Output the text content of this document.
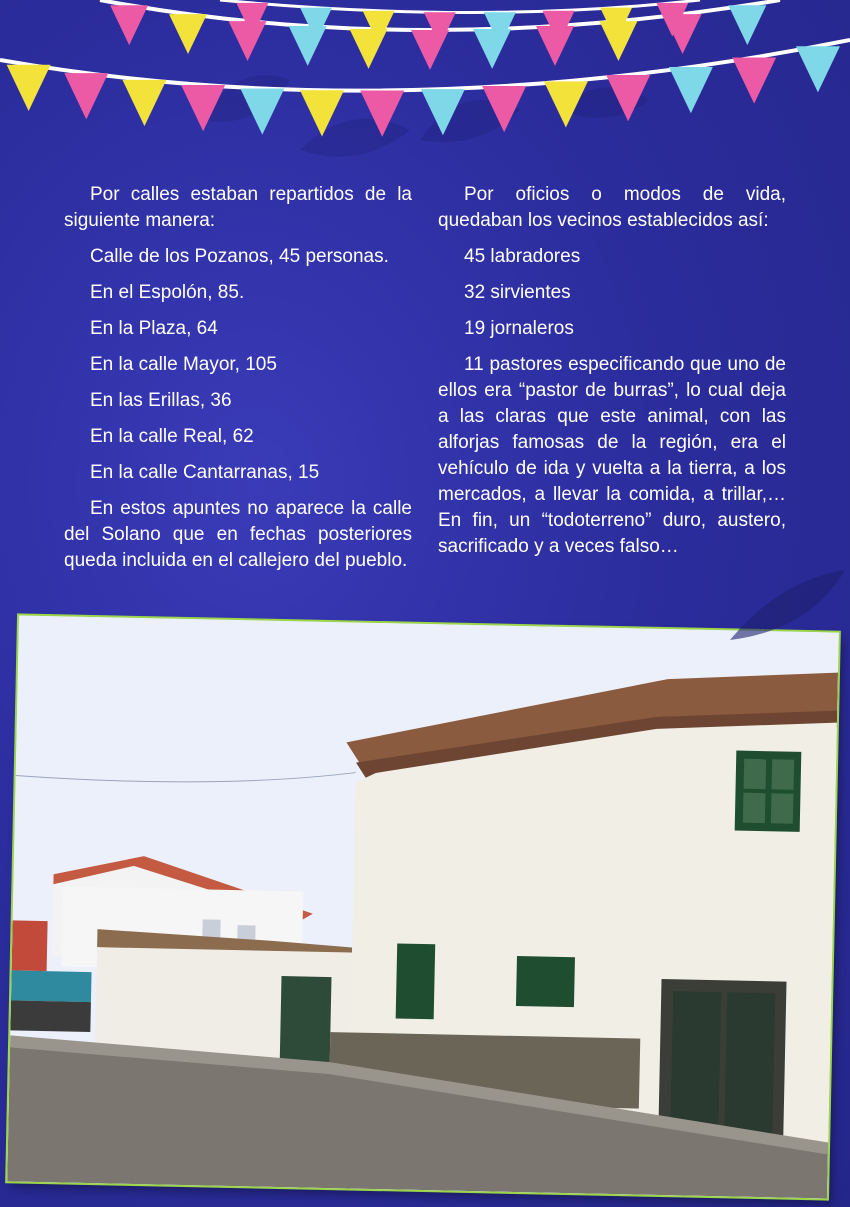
Por calles estaban repartidos de la siguiente manera:

Calle de los Pozanos, 45 personas.

En el Espolón, 85.

En la Plaza, 64

En la calle Mayor, 105

En las Erillas, 36

En la calle Real, 62

En la calle Cantarranas, 15

En estos apuntes no aparece la calle del Solano que en fechas posteriores queda incluida en el callejero del pueblo.

Por oficios o modos de vida, quedaban los vecinos establecidos así:

45 labradores

32 sirvientes

19 jornaleros

11 pastores especificando que uno de ellos era “pastor de burras”, lo cual deja a las claras que este animal, con las alforjas famosas de la región, era el vehículo de ida y vuelta a la tierra, a los mercados, a llevar la comida, a trillar,…En fin, un “todoterreno” duro, austero, sacrificado y a veces falso…
